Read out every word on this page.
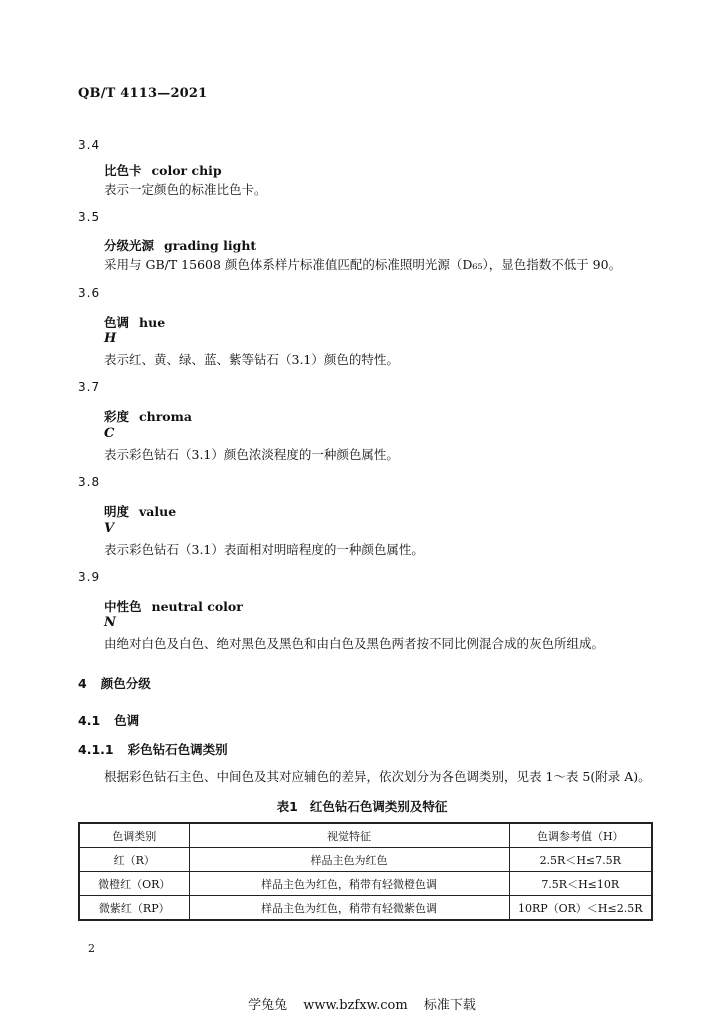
QB/T 4113—2021
3.4
比色卡 color chip
表示一定颜色的标准比色卡。
3.5
分级光源 grading light
采用与 GB/T 15608 颜色体系样片标准值匹配的标准照明光源（D₆₅），显色指数不低于 90。
3.6
色调 hue
H
表示红、黄、绿、蓝、紫等钻石（3.1）颜色的特性。
3.7
彩度 chroma
C
表示彩色钻石（3.1）颜色浓淡程度的一种颜色属性。
3.8
明度 value
V
表示彩色钻石（3.1）表面相对明暗程度的一种颜色属性。
3.9
中性色 neutral color
N
由绝对白色及白色、绝对黑色及黑色和由白色及黑色两者按不同比例混合成的灰色所组成。
4 颜色分级
4.1 色调
4.1.1 彩色钻石色调类别
根据彩色钻石主色、中间色及其对应辅色的差异，依次划分为各色调类别，见表 1～表 5(附录 A)。
表1 红色钻石色调类别及特征
色调类别	视觉特征	色调参考值（H）
红（R）	样品主色为红色	2.5R＜H≤7.5R
微橙红（OR）	样品主色为红色，稍带有轻微橙色调	7.5R＜H≤10R
微紫红（RP）	样品主色为红色，稍带有轻微紫色调	10RP（OR）＜H≤2.5R
2
学兔兔 www.bzfxw.com 标准下载
